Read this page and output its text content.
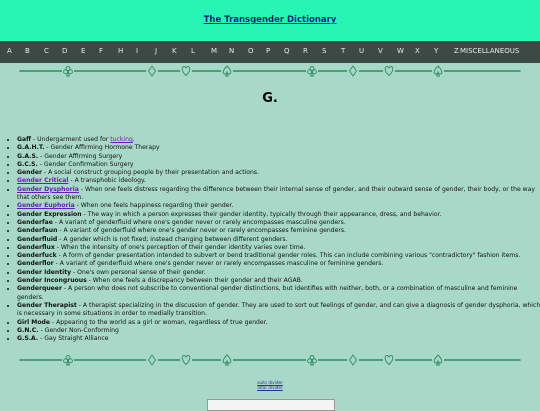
The Transgender Dictionary
A B C D E F H I J K L M N O P Q R S T U V W X Y Z MISCELLANEOUS
G.
• Gaff - Undergarment used for tucking.
• G.A.H.T. - Gender Affirming Hormone Therapy
• G.A.S. - Gender Affirming Surgery
• G.C.S. - Gender Confirmation Surgery
• Gender - A social construct grouping people by their presentation and actions.
• Gender Critical - A transphobic ideology.
• Gender Dysphoria - When one feels distress regarding the difference between their internal sense of gender, and their outward sense of gender, their body, or the way that others see them.
• Gender Euphoria - When one feels happiness regarding their gender.
• Gender Expression - The way in which a person expresses their gender identity, typically through their appearance, dress, and behavior.
• Genderfae - A variant of genderfluid where one's gender never or rarely encompasses masculine genders.
• Genderfaun - A variant of genderfluid where one's gender never or rarely encompasses feminine genders.
• Genderfluid - A gender which is not fixed; instead changing between different genders.
• Genderflux - When the intensity of one's perception of their gender identity varies over time.
• Genderfuck - A form of gender presentation intended to subvert or bend traditional gender roles. This can include combining various "contradictory" fashion items.
• Genderflor - A variant of genderfluid where one's gender never or rarely encompasses masculine or feminine genders.
• Gender Identity - One's own personal sense of their gender.
• Gender Incongruous - When one feels a discrepancy between their gender and their AGAB.
• Genderqueer - A person who does not subscribe to conventional gender distinctions, but identifies with neither, both, or a combination of masculine and feminine genders.
• Gender Therapist - A therapist specializing in the discussion of gender. They are used to sort out feelings of gender, and can give a diagnosis of gender dysphoria, which is necessary in some situations in order to medially transition.
• Girl Mode - Appearing to the world as a girl or woman, regardless of true gender.
• G.N.C. - Gender Non-Conforming
• G.S.A. - Gay Straight Alliance
suits divider
altar divider
